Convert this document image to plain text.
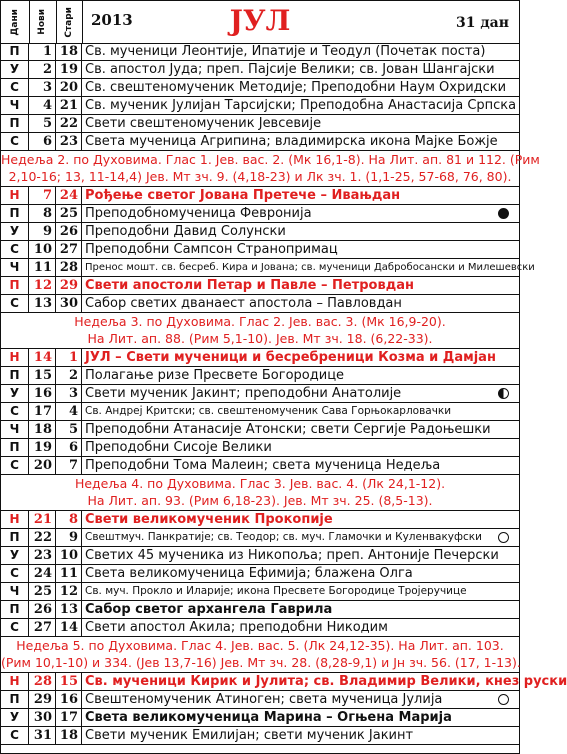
Дани Нови Стари	ЈУЛ
2013	31 дан
П	1 18 Св. мученици Леонтије, Ипатије и Теодул (Почетак поста)
У	2 19 Св. апостол Јуда; преп. Пајсије Велики; св. Јован Шангајски
С	3 20 Св. свештеномученик Методије; Преподобни Наум Охридски
Ч	4 21 Св. мученик Јулијан Тарсијски; Преподобна Анастасија Српска
П	5 22 Свети свештеномученик Јевсевије
С	6 23 Света мученица Агрипина; владимирска икона Мајке Божје
Недеља 2. по Духовима. Глас 1. Јев. вас. 2. (Мк 16,1-8). На Лит. ап. 81 и 112. (Рим
2,10-16; 13, 11-14,4) Јев. Мт зч. 9. (4,18-23) и Лк зч. 1. (1,1-25, 57-68, 76, 80).
Н	7 24 Рођење светог Јована Претече – Ивањдан
П	8 25 Преподобномученица Февронија
У	9 26 Преподобни Давид Солунски
С	10 27 Преподобни Сампсон Странопримац
Ч	11 28 Пренос мошт. св. бесреб. Кира и Јована; св. мученици Дабробосански и Милешевски
П	12 29 Свети апостоли Петар и Павле – Петровдан
С	13 30 Сабор светих дванаест апостола – Павловдан
Недеља 3. по Духовима. Глас 2. Јев. вас. 3. (Мк 16,9-20).
На Лит. ап. 88. (Рим 5,1-10). Јев. Мт зч. 18. (6,22-33).
Н	14	1 ЈУЛ – Свети мученици и бесребреници Козма и Дамјан
П	15	2 Полагање ризе Пресвете Богородице
У	16	3 Свети мученик Јакинт; преподобни Анатолије
С	17	4 Св. Андреј Критски; св. свештеномученик Сава Горњокарловачки
Ч	18	5 Преподобни Атанасије Атонски; свети Сергије Радоњешки
П	19	6 Преподобни Сисоје Велики
С	20	7 Преподобни Тома Малеин; света мученица Недеља
Недеља 4. по Духовима. Глас 3. Јев. вас. 4. (Лк 24,1-12).
На Лит. ап. 93. (Рим 6,18-23). Јев. Мт зч. 25. (8,5-13).
Н	21	8 Свети великомученик Прокопије
П	22	9 Свештмуч. Панкратије; св. Теодор; св. муч. Гламочки и Куленвакуфски
У	23 10 Светих 45 мученика из Никопоља; преп. Антоније Печерски
С	24 11 Света великомученица Ефимија; блажена Олга
Ч	25 12 Св. муч. Прокло и Иларије; икона Пресвете Богородице Тројеручице
П	26 13 Сабор светог архангела Гаврила
С	27 14 Свети апостол Акила; преподобни Никодим
Недеља 5. по Духовима. Глас 4. Јев. вас. 5. (Лк 24,12-35). На Лит. ап. 103.
(Рим 10,1-10) и 334. (Јев 13,7-16) Јев. Мт зч. 28. (8,28-9,1) и Јн зч. 56. (17, 1-13).
Н	28 15 Св. мученици Кирик и Јулита; св. Владимир Велики, кнез руски
П	29 16 Свештеномученик Атиноген; света мученица Јулија
У	30 17 Света великомученица Марина – Огњена Марија
С	31 18 Свети мученик Емилијан; свети мученик Јакинт
